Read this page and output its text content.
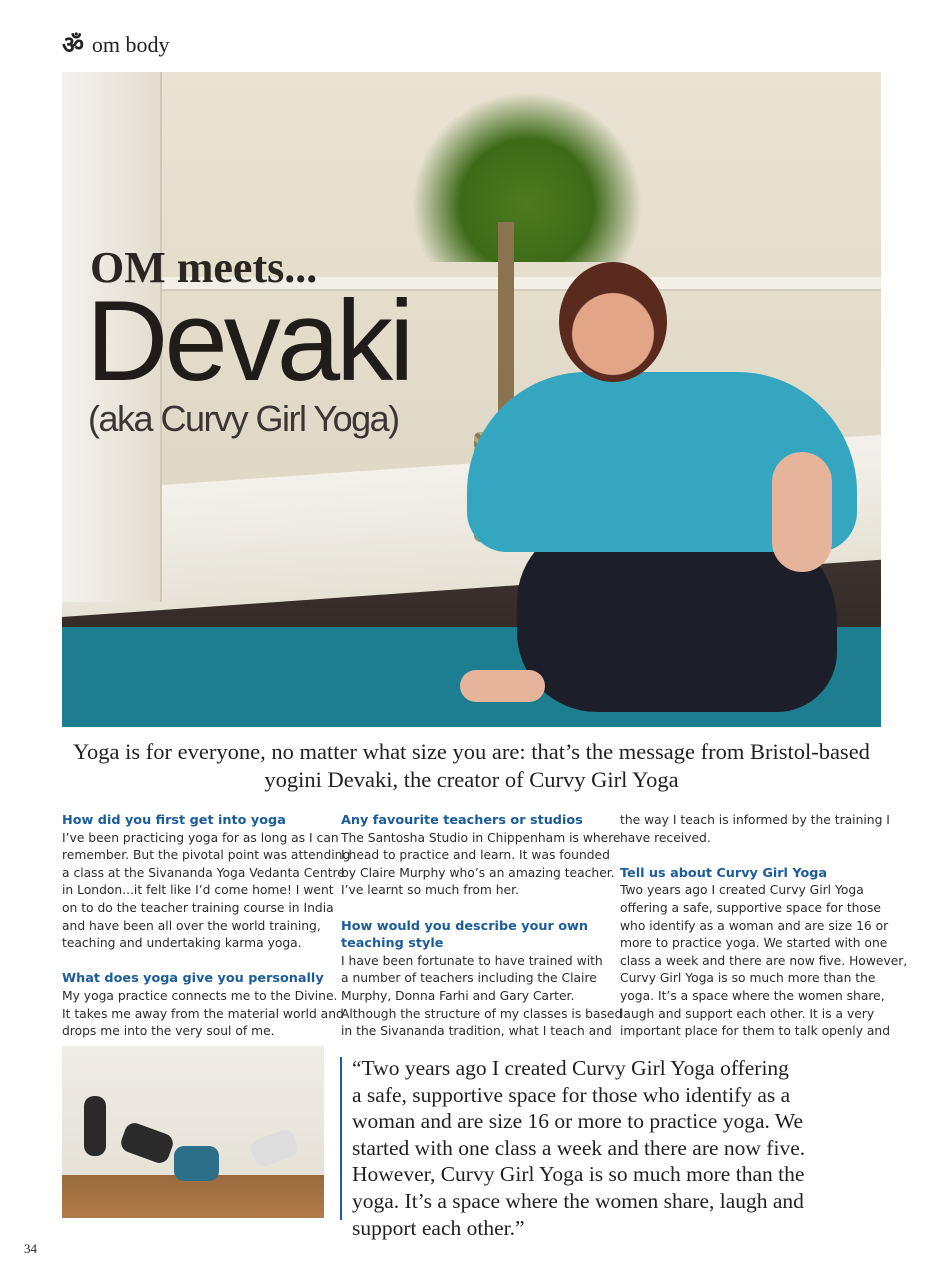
ॐ om body
OM meets...
Devaki
(aka Curvy Girl Yoga)
Yoga is for everyone, no matter what size you are: that’s the message from Bristol-based yogini Devaki, the creator of Curvy Girl Yoga

How did you first get into yoga
I’ve been practicing yoga for as long as I can
remember. But the pivotal point was attending
a class at the Sivananda Yoga Vedanta Centre
in London...it felt like I’d come home! I went
on to do the teacher training course in India
and have been all over the world training,
teaching and undertaking karma yoga.

What does yoga give you personally
My yoga practice connects me to the Divine.
It takes me away from the material world and
drops me into the very soul of me.

Any favourite teachers or studios
The Santosha Studio in Chippenham is where
I head to practice and learn. It was founded
by Claire Murphy who’s an amazing teacher.
I’ve learnt so much from her.

How would you describe your own teaching style
I have been fortunate to have trained with
a number of teachers including the Claire
Murphy, Donna Farhi and Gary Carter.
Although the structure of my classes is based
in the Sivananda tradition, what I teach and

the way I teach is informed by the training I
have received.

Tell us about Curvy Girl Yoga
Two years ago I created Curvy Girl Yoga
offering a safe, supportive space for those
who identify as a woman and are size 16 or
more to practice yoga. We started with one
class a week and there are now five. However,
Curvy Girl Yoga is so much more than the
yoga. It’s a space where the women share,
laugh and support each other. It is a very
important place for them to talk openly and

“Two years ago I created Curvy Girl Yoga offering
a safe, supportive space for those who identify as a
woman and are size 16 or more to practice yoga. We
started with one class a week and there are now five.
However, Curvy Girl Yoga is so much more than the
yoga. It’s a space where the women share, laugh and
support each other.”
34
